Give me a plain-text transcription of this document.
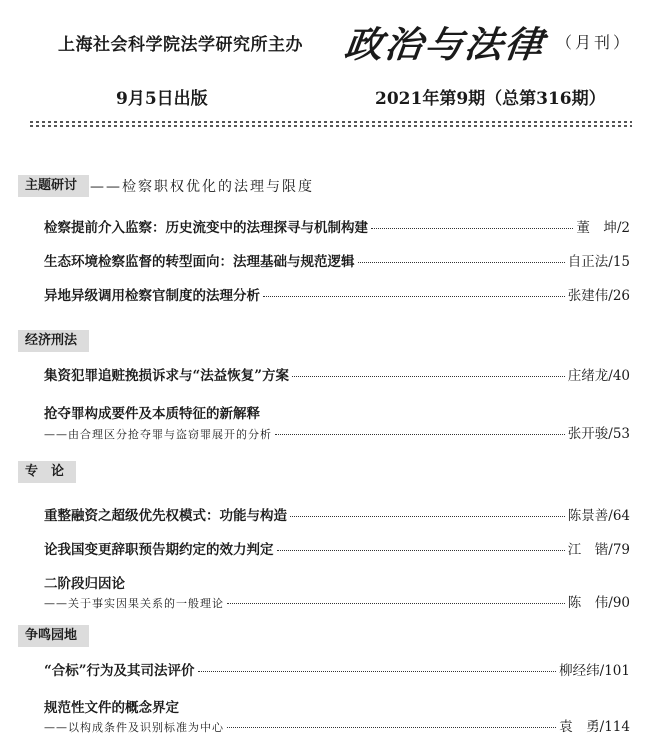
上海社会科学院法学研究所主办 政治与法律 （月刊）
9月5日出版	2021年第9期（总第316期）
主题研讨 ——检察职权优化的法理与限度
检察提前介入监察：历史流变中的法理探寻与机制构建	董　坤/2
生态环境检察监督的转型面向：法理基础与规范逻辑	自正法/15
异地异级调用检察官制度的法理分析	张建伟/26
经济刑法
集资犯罪追赃挽损诉求与“法益恢复”方案	庄绪龙/40
抢夺罪构成要件及本质特征的新解释
——由合理区分抢夺罪与盗窃罪展开的分析	张开骏/53
专　论
重整融资之超级优先权模式：功能与构造	陈景善/64
论我国变更辞职预告期约定的效力判定	江　锴/79
二阶段归因论
——关于事实因果关系的一般理论	陈　伟/90
争鸣园地
“合标”行为及其司法评价	柳经纬/101
规范性文件的概念界定
——以构成条件及识别标准为中心	袁　勇/114
